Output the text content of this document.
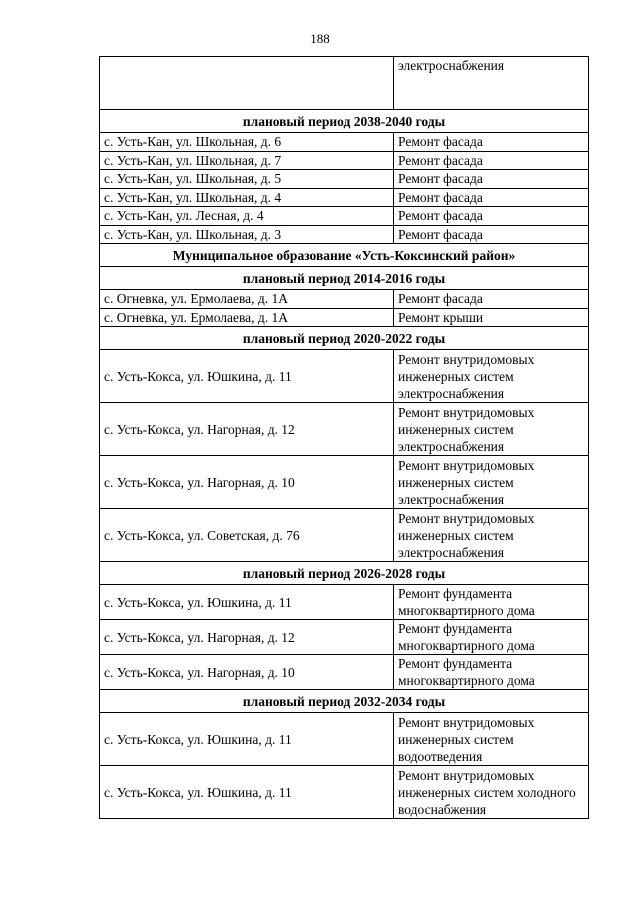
188
	электроснабжения
плановый период 2038-2040 годы	
с. Усть-Кан, ул. Школьная, д. 6	Ремонт фасада
с. Усть-Кан, ул. Школьная, д. 7	Ремонт фасада
с. Усть-Кан, ул. Школьная, д. 5	Ремонт фасада
с. Усть-Кан, ул. Школьная, д. 4	Ремонт фасада
с. Усть-Кан, ул. Лесная, д. 4	Ремонт фасада
с. Усть-Кан, ул. Школьная, д. 3	Ремонт фасада
Муниципальное образование «Усть-Коксинский район»	
плановый период 2014-2016 годы	
с. Огневка, ул. Ермолаева, д. 1А	Ремонт фасада
с. Огневка, ул. Ермолаева, д. 1А	Ремонт крыши
плановый период 2020-2022 годы	
с. Усть-Кокса, ул. Юшкина, д. 11	Ремонт внутридомовых инженерных систем электроснабжения
с. Усть-Кокса, ул. Нагорная, д. 12	Ремонт внутридомовых инженерных систем электроснабжения
с. Усть-Кокса, ул. Нагорная, д. 10	Ремонт внутридомовых инженерных систем электроснабжения
с. Усть-Кокса, ул. Советская, д. 76	Ремонт внутридомовых инженерных систем электроснабжения
плановый период 2026-2028 годы	
с. Усть-Кокса, ул. Юшкина, д. 11	Ремонт фундамента многоквартирного дома
с. Усть-Кокса, ул. Нагорная, д. 12	Ремонт фундамента многоквартирного дома
с. Усть-Кокса, ул. Нагорная, д. 10	Ремонт фундамента многоквартирного дома
плановый период 2032-2034 годы	
с. Усть-Кокса, ул. Юшкина, д. 11	Ремонт внутридомовых инженерных систем водоотведения
с. Усть-Кокса, ул. Юшкина, д. 11	Ремонт внутридомовых инженерных систем холодного водоснабжения
